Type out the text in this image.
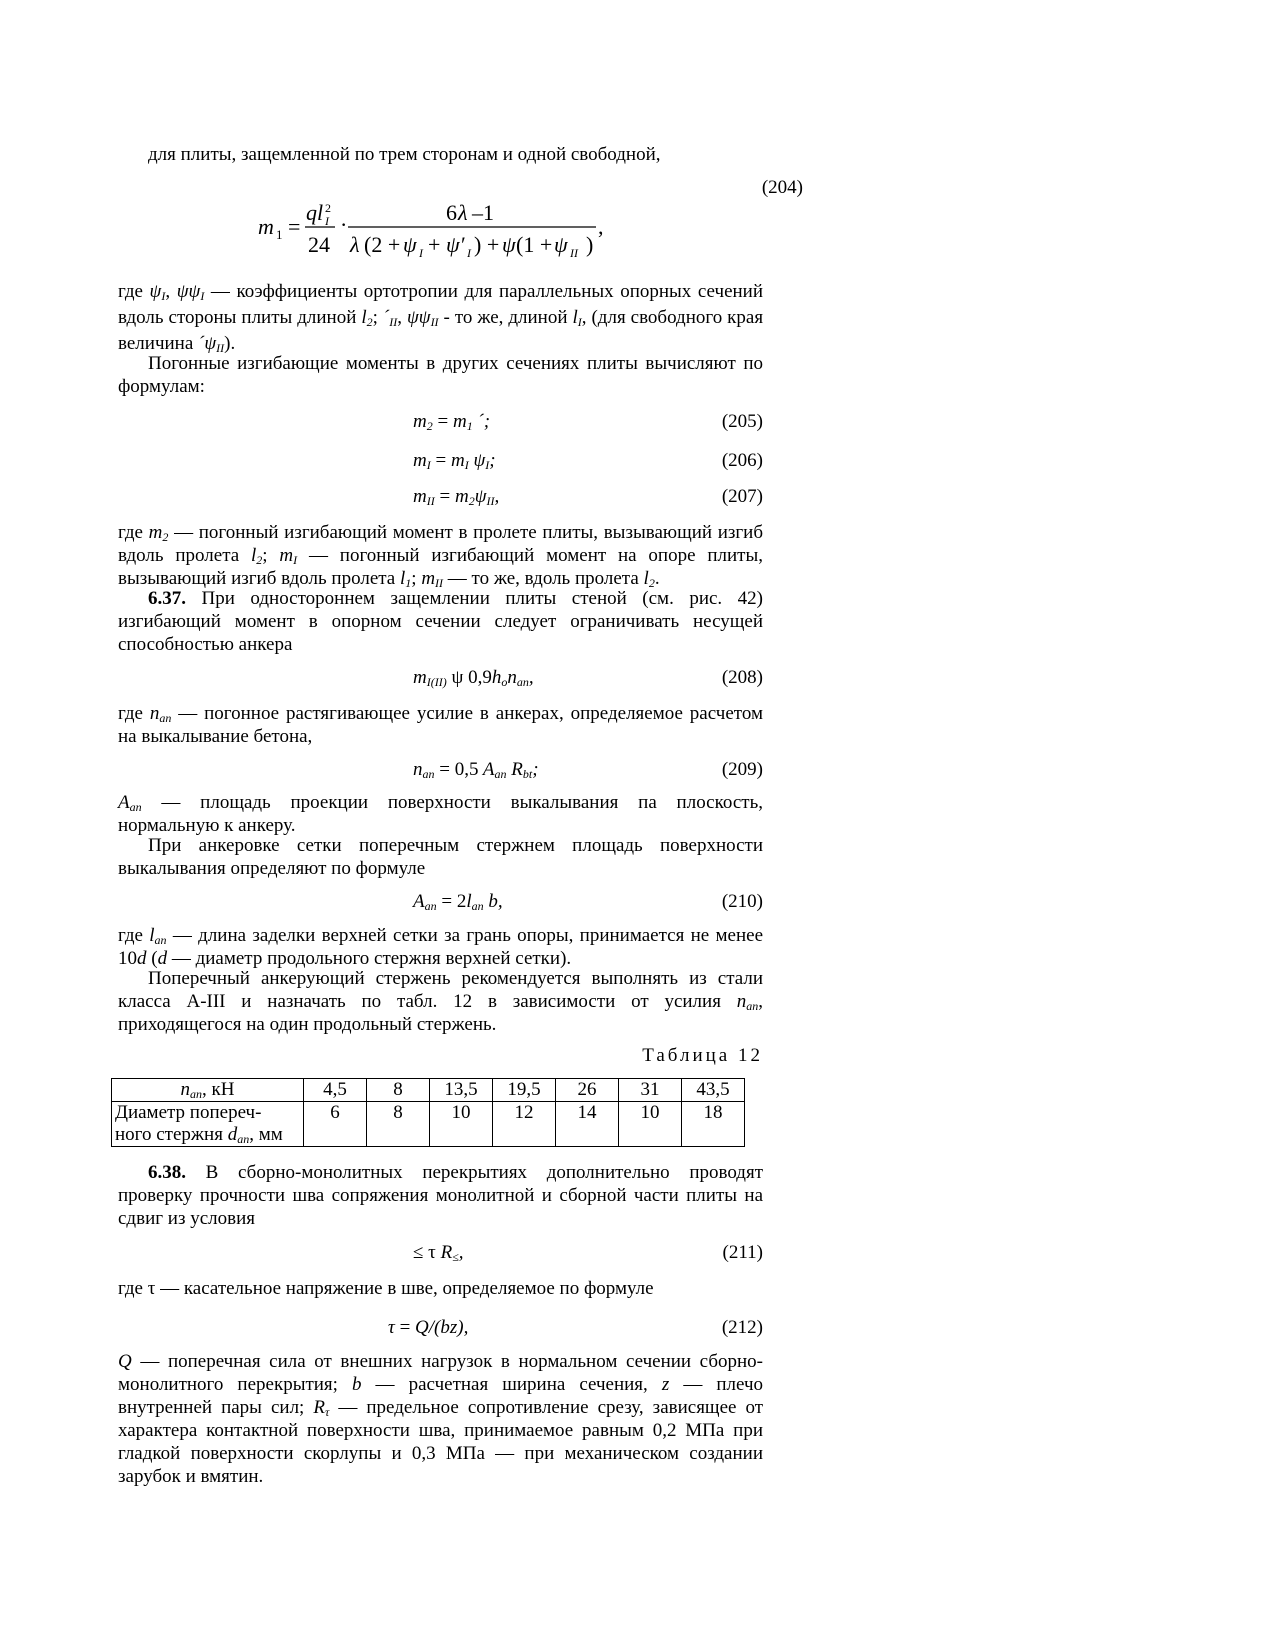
для плиты, защемленной по трем сторонам и одной свободной,

(204)
m 1 =
ql I
2
24
·	6 λ –1
λ (2 + ψ I + ψ′ I ) + ψ (1 + ψ II )
,

где $\psi_I$, $\psi\psi_I$ — коэффициенты ортотропии для параллельных опорных сечений вдоль стороны плиты длиной $l_2$; $´_{II}$, $\psi\psi_{II}$ - то же, длиной $l_I$, (для свободного края величина $´\psi_{II}$).

Погонные изгибающие моменты в других сечениях плиты вычисляют по формулам:

$m_2 = m_1$ ´;	(205)
$m_I = m_I$ $\psi_I$;	(206)
$m_{II} = m_2\psi_{II}$,	(207)

где $m_2$ — погонный изгибающий момент в пролете плиты, вызывающий изгиб вдоль пролета $l_2$; $m_I$ — погонный изгибающий момент на опоре плиты, вызывающий изгиб вдоль пролета $l_1$; $m_{II}$ — то же, вдоль пролета $l_2$.

6.37. При одностороннем защемлении плиты стеной (см. рис. 42) изгибающий момент в опорном сечении следует ограничивать несущей способностью анкера

$m_{I(II)}$ ψ $0,9h_on_{an}$,	(208)

где $n_{an}$ — погонное растягивающее усилие в анкерах, определяемое расчетом на выкалывание бетона,

$n_{an} = 0,5$ $A_{an}$ $R_{bt}$;	(209)

$A_{an}$ — площадь проекции поверхности выкалывания па плоскость, нормальную к анкеру.

При анкеровке сетки поперечным стержнем площадь поверхности выкалывания определяют по формуле

$A_{an} = 2l_{an}$ b,	(210)

где $l_{an}$ — длина заделки верхней сетки за грань опоры, принимается не менее 10d (d — диаметр продольного стержня верхней сетки).

Поперечный анкерующий стержень рекомендуется выполнять из стали класса А-III и назначать по табл. 12 в зависимости от усилия $n_{an}$, приходящегося на один продольный стержень.

Таблица 12

$n_{an}$, кН	4,5	8	13,5	19,5	26	31	43,5
Диаметр попереч-
ного стержня $d_{an}$, мм	6	8	10	12	14	10	18

6.38. В сборно-монолитных перекрытиях дополнительно проводят проверку прочности шва сопряжения монолитной и сборной части плиты на сдвиг из условия

≤ τ $R_\le$,	(211)

где τ — касательное напряжение в шве, определяемое по формуле

τ = Q/(bz),	(212)

Q — поперечная сила от внешних нагрузок в нормальном сечении сборно-монолитного перекрытия; b — расчетная ширина сечения, z — плечо внутренней пары сил; $R_\tau$ — предельное сопротивление срезу, зависящее от характера контактной поверхности шва, принимаемое равным 0,2 МПа при гладкой поверхности скорлупы и 0,3 МПа — при механическом создании зарубок и вмятин.
